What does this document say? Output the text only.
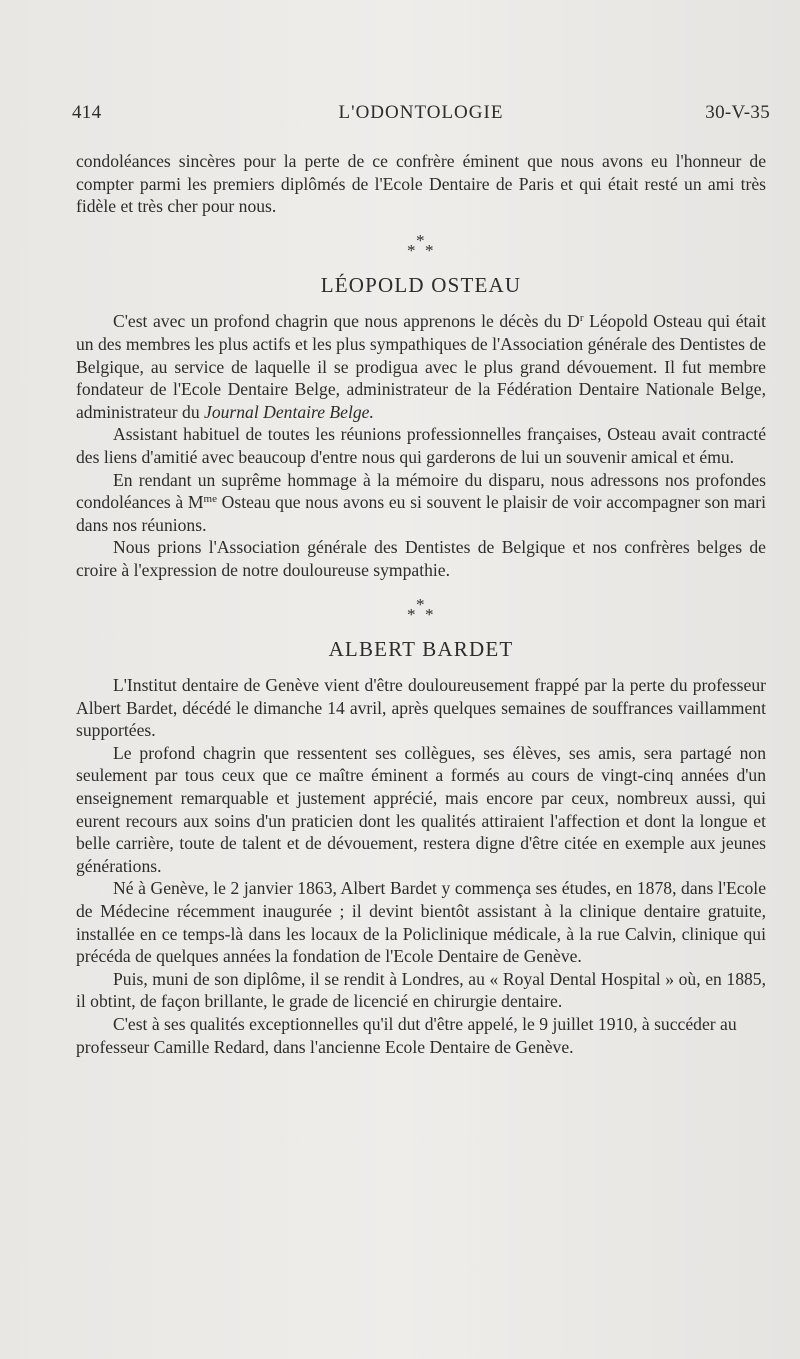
414	L'ODONTOLOGIE	30-V-35

condoléances sincères pour la perte de ce confrère éminent que nous avons eu l'honneur de compter parmi les premiers diplômés de l'Ecole Dentaire de Paris et qui était resté un ami très fidèle et très cher pour nous.

*
* *
LÉOPOLD OSTEAU

C'est avec un profond chagrin que nous apprenons le décès du $D^r$ Léopold Osteau qui était un des membres les plus actifs et les plus sympathiques de l'Association générale des Dentistes de Belgique, au service de laquelle il se prodigua avec le plus grand dévouement. Il fut membre fondateur de l'Ecole Dentaire Belge, administrateur de la Fédération Dentaire Nationale Belge, administrateur du Journal Dentaire Belge.

Assistant habituel de toutes les réunions professionnelles françaises, Osteau avait contracté des liens d'amitié avec beaucoup d'entre nous qui garderons de lui un souvenir amical et ému.

En rendant un suprême hommage à la mémoire du disparu, nous adressons nos profondes condoléances à $M^{me}$ Osteau que nous avons eu si souvent le plaisir de voir accompagner son mari dans nos réunions.

Nous prions l'Association générale des Dentistes de Belgique et nos confrères belges de croire à l'expression de notre douloureuse sympathie.

*
* *
ALBERT BARDET

L'Institut dentaire de Genève vient d'être douloureusement frappé par la perte du professeur Albert Bardet, décédé le dimanche 14 avril, après quelques semaines de souffrances vaillamment supportées.

Le profond chagrin que ressentent ses collègues, ses élèves, ses amis, sera partagé non seulement par tous ceux que ce maître éminent a formés au cours de vingt-cinq années d'un enseignement remarquable et justement apprécié, mais encore par ceux, nombreux aussi, qui eurent recours aux soins d'un praticien dont les qualités attiraient l'affection et dont la longue et belle carrière, toute de talent et de dévouement, restera digne d'être citée en exemple aux jeunes générations.

Né à Genève, le 2 janvier 1863, Albert Bardet y commença ses études, en 1878, dans l'Ecole de Médecine récemment inaugurée ; il devint bientôt assistant à la clinique dentaire gratuite, installée en ce temps-là dans les locaux de la Policlinique médicale, à la rue Calvin, clinique qui précéda de quelques années la fondation de l'Ecole Dentaire de Genève.

Puis, muni de son diplôme, il se rendit à Londres, au « Royal Dental Hospital » où, en 1885, il obtint, de façon brillante, le grade de licencié en chirurgie dentaire.

C'est à ses qualités exceptionnelles qu'il dut d'être appelé, le 9 juillet 1910, à succéder au professeur Camille Redard, dans l'ancienne Ecole Dentaire de Genève.
